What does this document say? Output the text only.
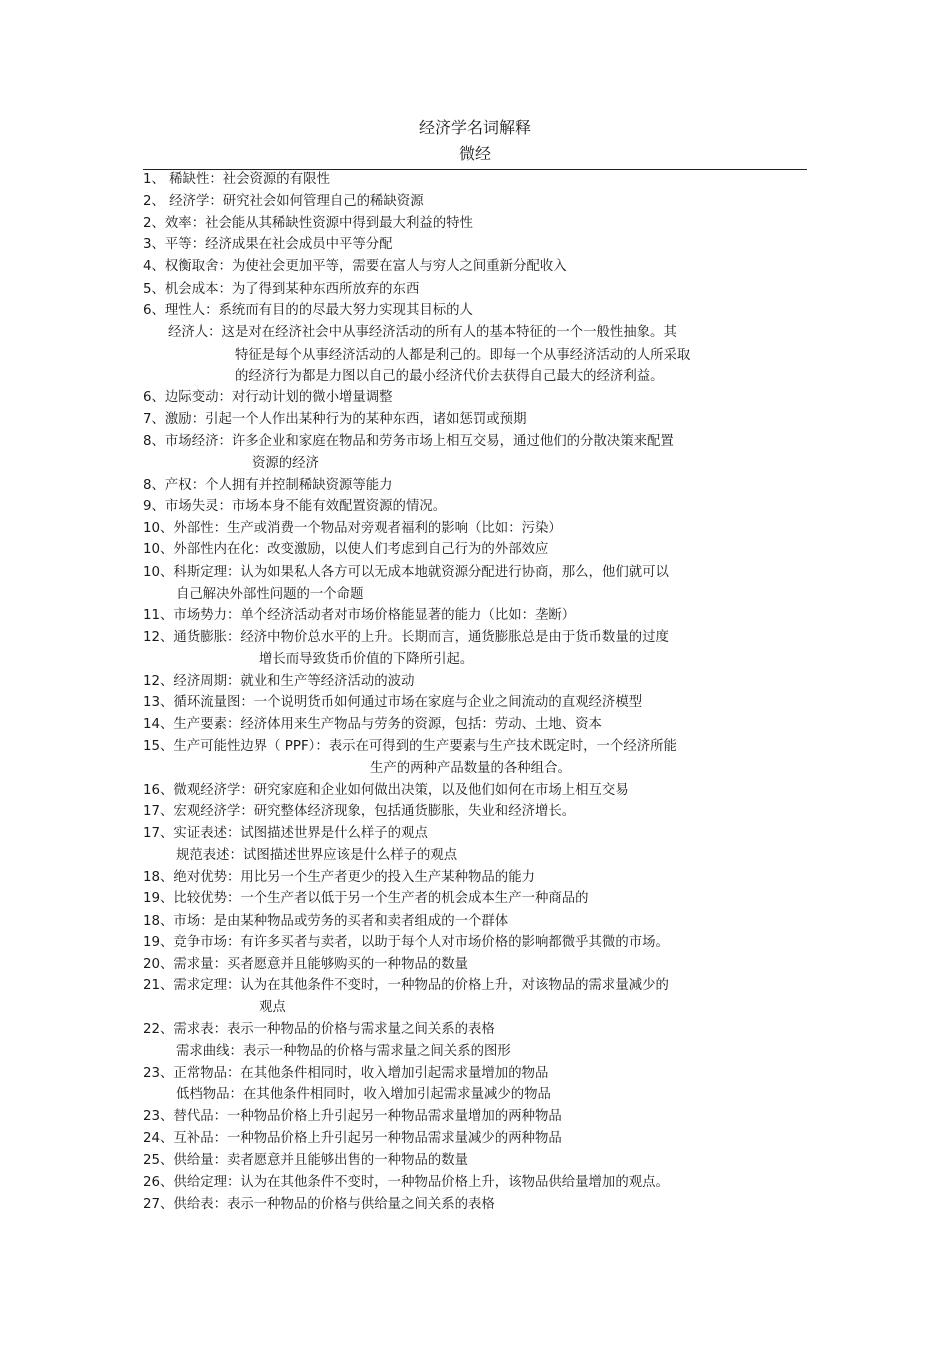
经济学名词解释
微经
1、 稀缺性：社会资源的有限性
2、 经济学：研究社会如何管理自己的稀缺资源
2、效率：社会能从其稀缺性资源中得到最大利益的特性
3、平等：经济成果在社会成员中平等分配
4、权衡取舍：为使社会更加平等，需要在富人与穷人之间重新分配收入
5、机会成本：为了得到某种东西所放弃的东西
6、理性人：系统而有目的的尽最大努力实现其目标的人
经济人：这是对在经济社会中从事经济活动的所有人的基本特征的一个一般性抽象。其
特征是每个从事经济活动的人都是利己的。即每一个从事经济活动的人所采取
的经济行为都是力图以自己的最小经济代价去获得自己最大的经济利益。
6、边际变动：对行动计划的微小增量调整
7、激励：引起一个人作出某种行为的某种东西，诸如惩罚或预期
8、市场经济：许多企业和家庭在物品和劳务市场上相互交易，通过他们的分散决策来配置
资源的经济
8、产权：个人拥有并控制稀缺资源等能力
9、市场失灵：市场本身不能有效配置资源的情况。
10、外部性：生产或消费一个物品对旁观者福利的影响（比如：污染）
10、外部性内在化：改变激励，以使人们考虑到自己行为的外部效应
10、科斯定理：认为如果私人各方可以无成本地就资源分配进行协商，那么，他们就可以
自己解决外部性问题的一个命题
11、市场势力：单个经济活动者对市场价格能显著的能力（比如：垄断）
12、通货膨胀：经济中物价总水平的上升。长期而言，通货膨胀总是由于货币数量的过度
增长而导致货币价值的下降所引起。
12、经济周期：就业和生产等经济活动的波动
13、循环流量图：一个说明货币如何通过市场在家庭与企业之间流动的直观经济模型
14、生产要素：经济体用来生产物品与劳务的资源，包括：劳动、土地、资本
15、生产可能性边界（ PPF）：表示在可得到的生产要素与生产技术既定时，一个经济所能
生产的两种产品数量的各种组合。
16、微观经济学：研究家庭和企业如何做出决策，以及他们如何在市场上相互交易
17、宏观经济学：研究整体经济现象，包括通货膨胀，失业和经济增长。
17、实证表述：试图描述世界是什么样子的观点
规范表述：试图描述世界应该是什么样子的观点
18、绝对优势：用比另一个生产者更少的投入生产某种物品的能力
19、比较优势：一个生产者以低于另一个生产者的机会成本生产一种商品的
18、市场：是由某种物品或劳务的买者和卖者组成的一个群体
19、竞争市场：有许多买者与卖者，以助于每个人对市场价格的影响都微乎其微的市场。
20、需求量：买者愿意并且能够购买的一种物品的数量
21、需求定理：认为在其他条件不变时，一种物品的价格上升，对该物品的需求量减少的
观点
22、需求表：表示一种物品的价格与需求量之间关系的表格
需求曲线：表示一种物品的价格与需求量之间关系的图形
23、正常物品：在其他条件相同时，收入增加引起需求量增加的物品
低档物品：在其他条件相同时，收入增加引起需求量减少的物品
23、替代品：一种物品价格上升引起另一种物品需求量增加的两种物品
24、互补品：一种物品价格上升引起另一种物品需求量减少的两种物品
25、供给量：卖者愿意并且能够出售的一种物品的数量
26、供给定理：认为在其他条件不变时，一种物品价格上升，该物品供给量增加的观点。
27、供给表：表示一种物品的价格与供给量之间关系的表格
